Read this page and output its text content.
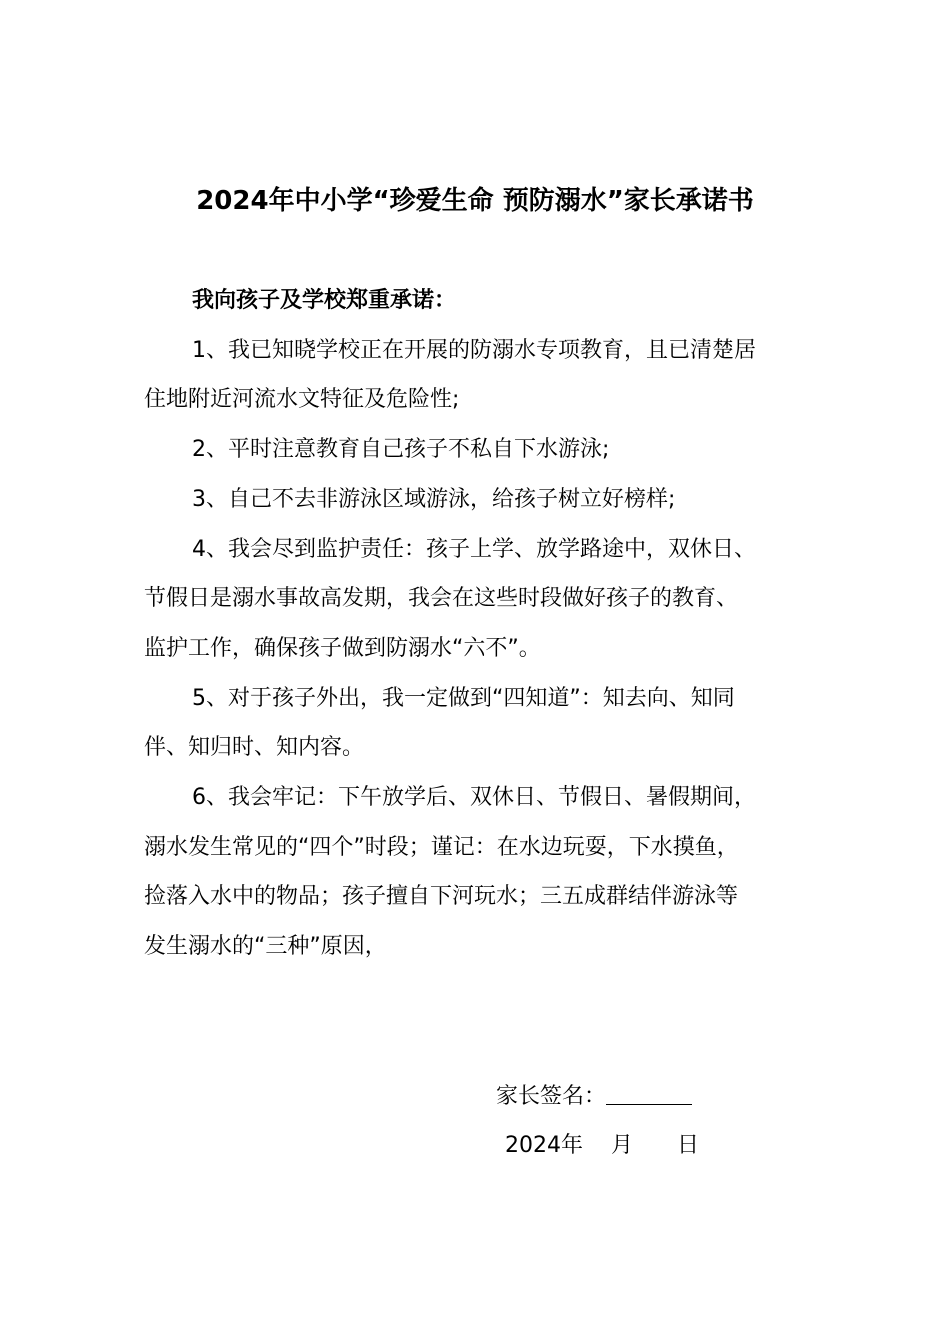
2024年中小学“珍爱生命 预防溺水”家长承诺书
我向孩子及学校郑重承诺：

1、我已知晓学校正在开展的防溺水专项教育，且已清楚居
住地附近河流水文特征及危险性;

2、平时注意教育自己孩子不私自下水游泳;

3、自己不去非游泳区域游泳，给孩子树立好榜样;

4、我会尽到监护责任：孩子上学、放学路途中，双休日、
节假日是溺水事故高发期，我会在这些时段做好孩子的教育、
监护工作，确保孩子做到防溺水“六不”。

5、对于孩子外出，我一定做到“四知道”：知去向、知同
伴、知归时、知内容。

6、我会牢记：下午放学后、双休日、节假日、暑假期间，
溺水发生常见的“四个”时段；谨记：在水边玩耍，下水摸鱼，
捡落入水中的物品；孩子擅自下河玩水；三五成群结伴游泳等
发生溺水的“三种”原因，

家长签名：
2024年 月 日
